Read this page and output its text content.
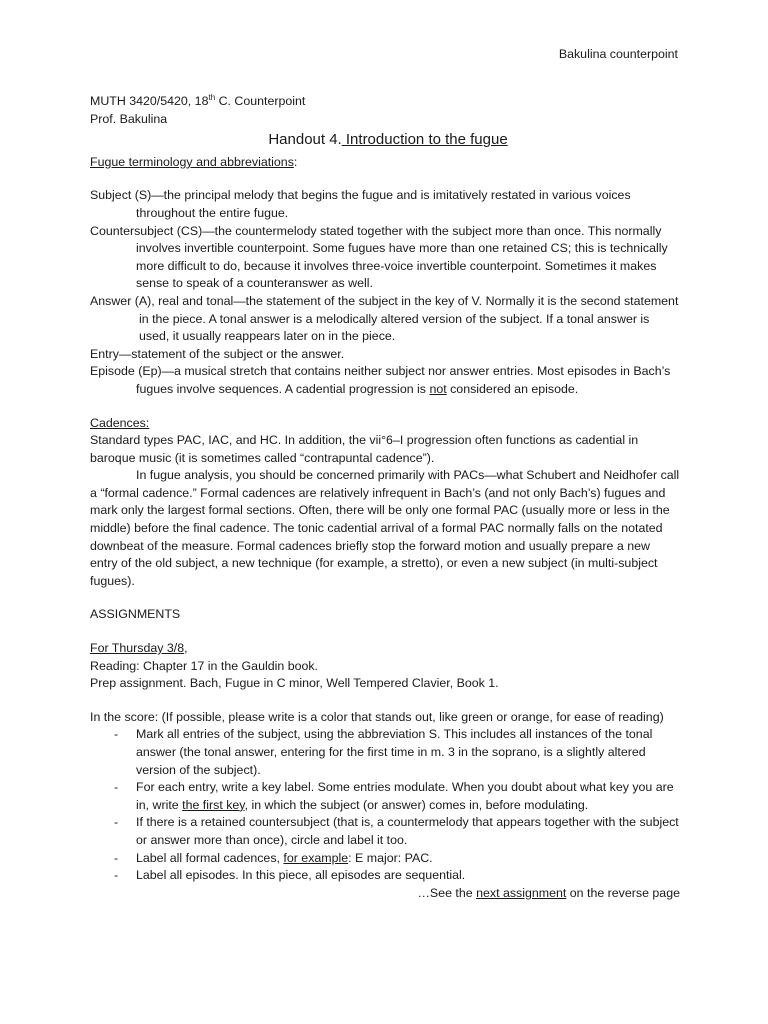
Bakulina counterpoint
MUTH 3420/5420, 18th C. Counterpoint
Prof. Bakulina
Handout 4. Introduction to the fugue
Fugue terminology and abbreviations:
Subject (S)—the principal melody that begins the fugue and is imitatively restated in various voices throughout the entire fugue.
Countersubject (CS)—the countermelody stated together with the subject more than once. This normally involves invertible counterpoint. Some fugues have more than one retained CS; this is technically more difficult to do, because it involves three-voice invertible counterpoint. Sometimes it makes sense to speak of a counteranswer as well.
Answer (A), real and tonal—the statement of the subject in the key of V. Normally it is the second statement in the piece. A tonal answer is a melodically altered version of the subject. If a tonal answer is used, it usually reappears later on in the piece.
Entry—statement of the subject or the answer.
Episode (Ep)—a musical stretch that contains neither subject nor answer entries. Most episodes in Bach’s fugues involve sequences. A cadential progression is not considered an episode.
Cadences:
Standard types PAC, IAC, and HC. In addition, the vii°6–I progression often functions as cadential in baroque music (it is sometimes called “contrapuntal cadence”).
In fugue analysis, you should be concerned primarily with PACs—what Schubert and Neidhofer call a “formal cadence.” Formal cadences are relatively infrequent in Bach’s (and not only Bach’s) fugues and mark only the largest formal sections. Often, there will be only one formal PAC (usually more or less in the middle) before the final cadence. The tonic cadential arrival of a formal PAC normally falls on the notated downbeat of the measure. Formal cadences briefly stop the forward motion and usually prepare a new entry of the old subject, a new technique (for example, a stretto), or even a new subject (in multi-subject fugues).
ASSIGNMENTS
For Thursday 3/8,
Reading: Chapter 17 in the Gauldin book.
Prep assignment. Bach, Fugue in C minor, Well Tempered Clavier, Book 1.
In the score: (If possible, please write is a color that stands out, like green or orange, for ease of reading)
- Mark all entries of the subject, using the abbreviation S. This includes all instances of the tonal answer (the tonal answer, entering for the first time in m. 3 in the soprano, is a slightly altered version of the subject).
- For each entry, write a key label. Some entries modulate. When you doubt about what key you are in, write the first key, in which the subject (or answer) comes in, before modulating.
- If there is a retained countersubject (that is, a countermelody that appears together with the subject or answer more than once), circle and label it too.
- Label all formal cadences, for example: E major: PAC.
- Label all episodes. In this piece, all episodes are sequential.
…See the next assignment on the reverse page
